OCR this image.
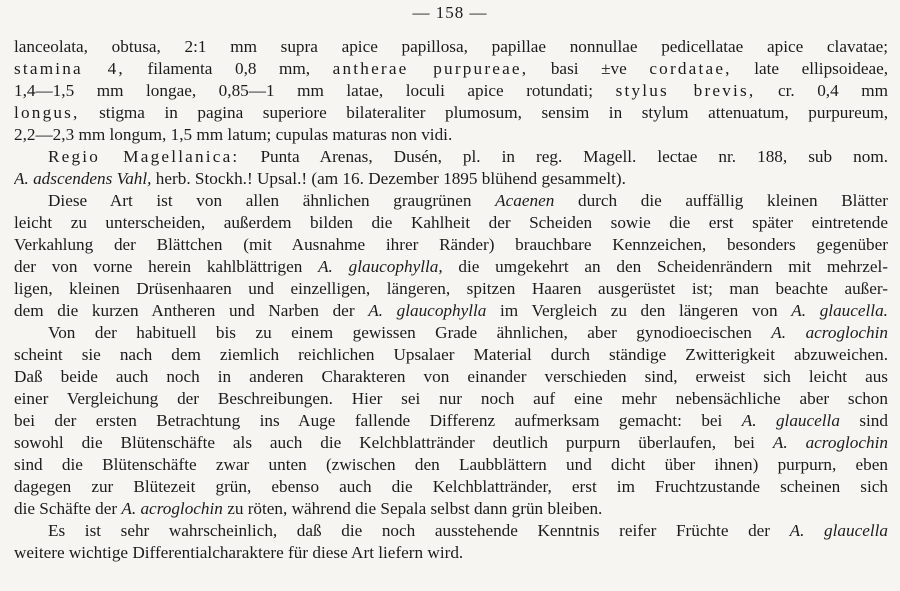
— 158 —
lanceolata, obtusa, 2:1 mm supra apice papillosa, papillae nonnullae pedicellatae apice clavatae;
stamina 4, filamenta 0,8 mm, antherae purpureae, basi ±ve cordatae, late ellipsoideae,
1,4—1,5 mm longae, 0,85—1 mm latae, loculi apice rotundati; stylus brevis, cr. 0,4 mm
longus, stigma in pagina superiore bilateraliter plumosum, sensim in stylum attenuatum, purpureum,
2,2—2,3 mm longum, 1,5 mm latum; cupulas maturas non vidi.
Regio Magellanica: Punta Arenas, Dusén, pl. in reg. Magell. lectae nr. 188, sub nom.
A. adscendens Vahl, herb. Stockh.! Upsal.! (am 16. Dezember 1895 blühend gesammelt).
Diese Art ist von allen ähnlichen graugrünen Acaenen durch die auffällig kleinen Blätter
leicht zu unterscheiden, außerdem bilden die Kahlheit der Scheiden sowie die erst später eintretende
Verkahlung der Blättchen (mit Ausnahme ihrer Ränder) brauchbare Kennzeichen, besonders gegenüber
der von vorne herein kahlblättrigen A. glaucophylla, die umgekehrt an den Scheidenrändern mit mehrzel-
ligen, kleinen Drüsenhaaren und einzelligen, längeren, spitzen Haaren ausgerüstet ist; man beachte außer-
dem die kurzen Antheren und Narben der A. glaucophylla im Vergleich zu den längeren von A. glaucella.
Von der habituell bis zu einem gewissen Grade ähnlichen, aber gynodioecischen A. acroglochin
scheint sie nach dem ziemlich reichlichen Upsalaer Material durch ständige Zwitterigkeit abzuweichen.
Daß beide auch noch in anderen Charakteren von einander verschieden sind, erweist sich leicht aus
einer Vergleichung der Beschreibungen. Hier sei nur noch auf eine mehr nebensächliche aber schon
bei der ersten Betrachtung ins Auge fallende Differenz aufmerksam gemacht: bei A. glaucella sind
sowohl die Blütenschäfte als auch die Kelchblattränder deutlich purpurn überlaufen, bei A. acroglochin
sind die Blütenschäfte zwar unten (zwischen den Laubblättern und dicht über ihnen) purpurn, eben
dagegen zur Blütezeit grün, ebenso auch die Kelchblattränder, erst im Fruchtzustande scheinen sich
die Schäfte der A. acroglochin zu röten, während die Sepala selbst dann grün bleiben.
Es ist sehr wahrscheinlich, daß die noch ausstehende Kenntnis reifer Früchte der A. glaucella
weitere wichtige Differentialcharaktere für diese Art liefern wird.
